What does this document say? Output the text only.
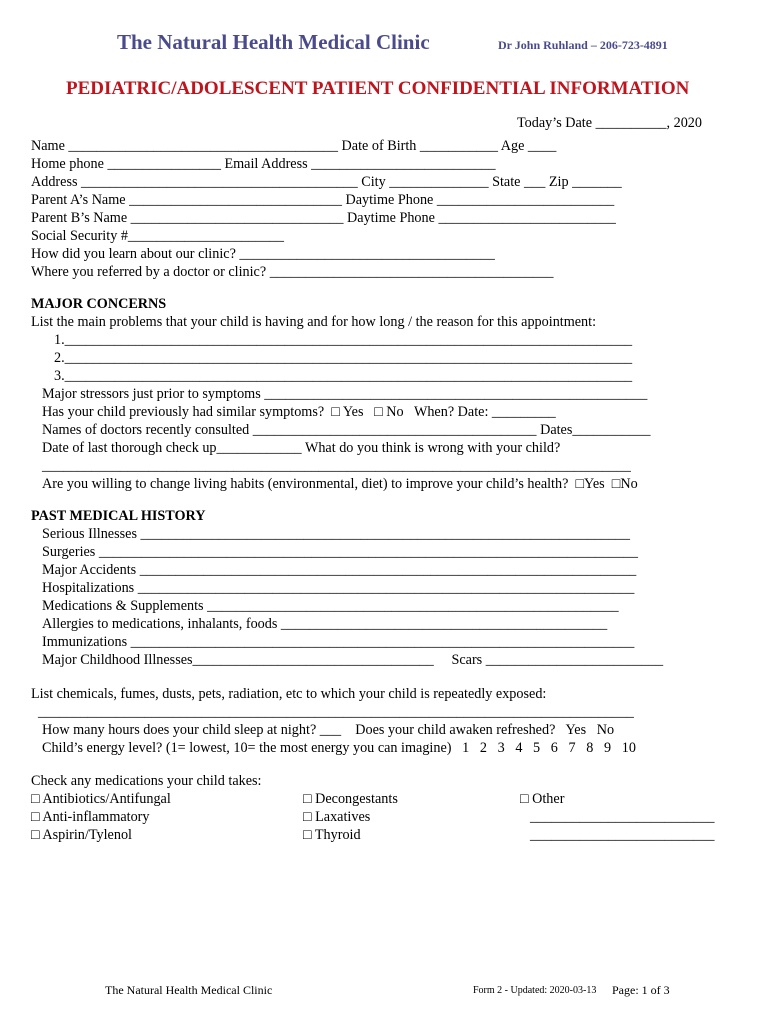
The Natural Health Medical Clinic	Dr John Ruhland – 206-723-4891
PEDIATRIC/ADOLESCENT PATIENT CONFIDENTIAL INFORMATION
Today’s Date __________, 2020
Name ______________________________________ Date of Birth ___________ Age ____
Home phone ________________ Email Address __________________________
Address _______________________________________ City ______________ State ___ Zip _______
Parent A’s Name ______________________________ Daytime Phone _________________________
Parent B’s Name ______________________________ Daytime Phone _________________________
Social Security #______________________
How did you learn about our clinic? ____________________________________
Where you referred by a doctor or clinic? ________________________________________
MAJOR CONCERNS
List the main problems that your child is having and for how long / the reason for this appointment:
1.________________________________________________________________________________
2.________________________________________________________________________________
3.________________________________________________________________________________
Major stressors just prior to symptoms ______________________________________________________
Has your child previously had similar symptoms?  □ Yes   □ No   When? Date: _________
Names of doctors recently consulted ________________________________________ Dates___________
Date of last thorough check up____________ What do you think is wrong with your child?
___________________________________________________________________________________
Are you willing to change living habits (environmental, diet) to improve your child’s health?  □Yes  □No
PAST MEDICAL HISTORY
Serious Illnesses _____________________________________________________________________
Surgeries ____________________________________________________________________________
Major Accidents ______________________________________________________________________
Hospitalizations ______________________________________________________________________
Medications & Supplements __________________________________________________________
Allergies to medications, inhalants, foods ______________________________________________
Immunizations _______________________________________________________________________
Major Childhood Illnesses__________________________________     Scars _________________________
List chemicals, fumes, dusts, pets, radiation, etc to which your child is repeatedly exposed:
____________________________________________________________________________________
How many hours does your child sleep at night? ___    Does your child awaken refreshed?   Yes   No
Child’s energy level? (1= lowest, 10= the most energy you can imagine)   1   2   3   4   5   6   7   8   9   10
Check any medications your child takes:
□ Antibiotics/Antifungal
□ Anti-inflammatory
□ Aspirin/Tylenol
□ Decongestants
□ Laxatives
□ Thyroid
□ Other
__________________________
__________________________
The Natural Health Medical Clinic	Form 2 - Updated: 2020-03-13 Page: 1 of 3
